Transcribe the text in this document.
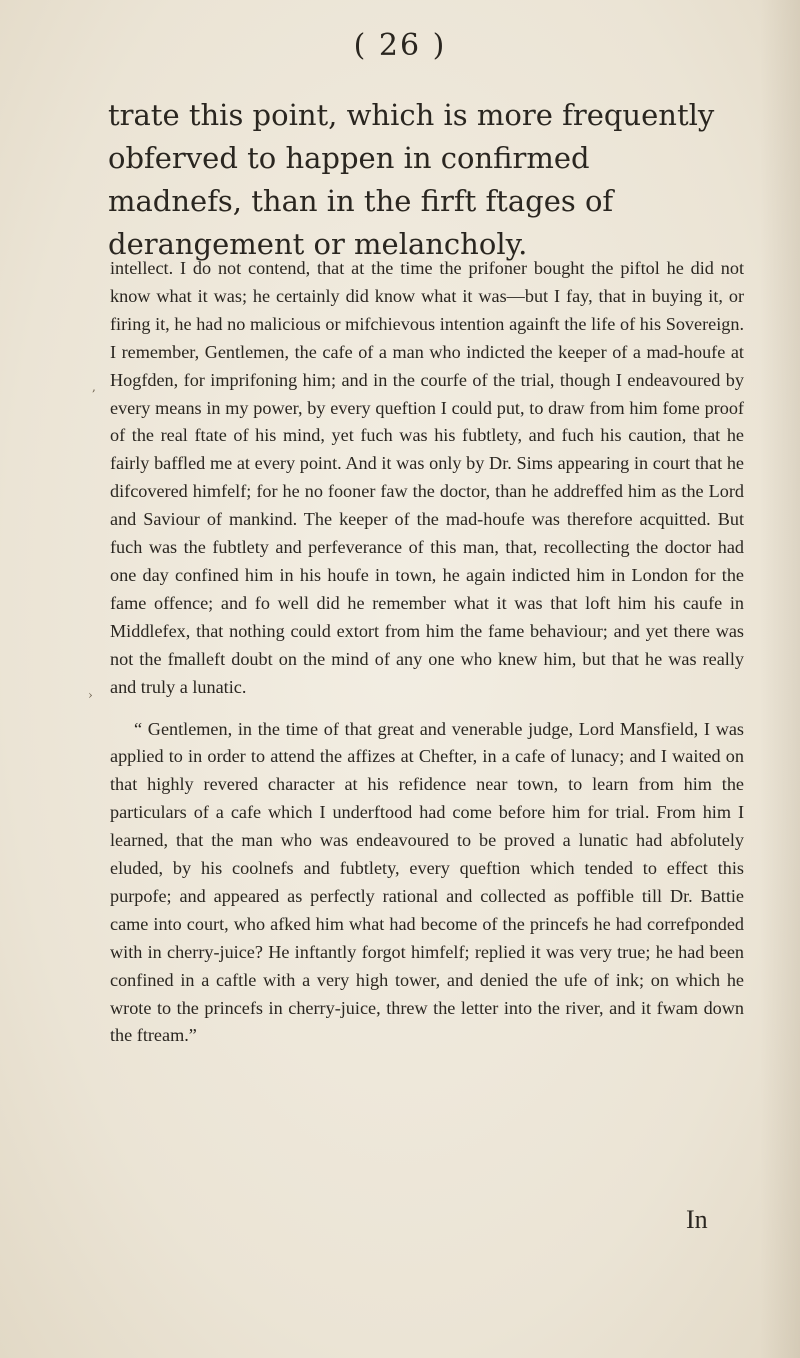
( 26 )
trate this point, which is more frequently obferved to happen in confirmed madnefs, than in the firft ftages of derangement or melancholy.

intellect. I do not contend, that at the time the prifoner bought the piftol he did not know what it was; he certainly did know what it was—but I fay, that in buying it, or firing it, he had no malicious or mifchievous intention againft the life of his Sovereign. I remember, Gentlemen, the cafe of a man who indicted the keeper of a mad-houfe at Hogfden, for imprifoning him; and in the courfe of the trial, though I endeavoured by every means in my power, by every queftion I could put, to draw from him fome proof of the real ftate of his mind, yet fuch was his fubtlety, and fuch his caution, that he fairly baffled me at every point. And it was only by Dr. Sims appearing in court that he difcovered himfelf; for he no fooner faw the doctor, than he addreffed him as the Lord and Saviour of mankind. The keeper of the mad-houfe was therefore acquitted. But fuch was the fubtlety and perfeverance of this man, that, recollecting the doctor had one day confined him in his houfe in town, he again indicted him in London for the fame offence; and fo well did he remember what it was that loft him his caufe in Middlefex, that nothing could extort from him the fame behaviour; and yet there was not the fmalleft doubt on the mind of any one who knew him, but that he was really and truly a lunatic.

“ Gentlemen, in the time of that great and venerable judge, Lord Mansfield, I was applied to in order to attend the affizes at Chefter, in a cafe of lunacy; and I waited on that highly revered character at his refidence near town, to learn from him the particulars of a cafe which I underftood had come before him for trial. From him I learned, that the man who was endeavoured to be proved a lunatic had abfolutely eluded, by his coolnefs and fubtlety, every queftion which tended to effect this purpofe; and appeared as perfectly rational and collected as poffible till Dr. Battie came into court, who afked him what had become of the princefs he had correfponded with in cherry-juice? He inftantly forgot himfelf; replied it was very true; he had been confined in a caftle with a very high tower, and denied the ufe of ink; on which he wrote to the princefs in cherry-juice, threw the letter into the river, and it fwam down the ftream.”

In
,
›
